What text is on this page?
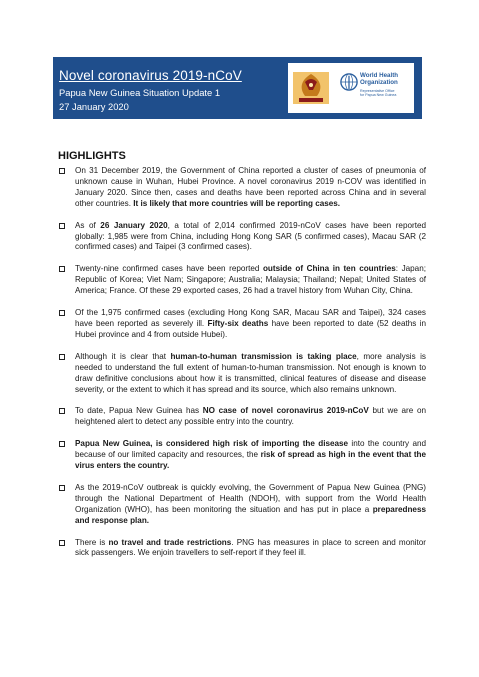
Novel coronavirus 2019-nCoV
Papua New Guinea Situation Update 1
27 January 2020
World Health
Organization
Representative Office
for Papua New Guinea
HIGHLIGHTS
On 31 December 2019, the Government of China reported a cluster of cases of pneumonia of unknown cause in Wuhan, Hubei Province. A novel coronavirus 2019 n-COV was identified in January 2020. Since then, cases and deaths have been reported across China and in several other countries. It is likely that more countries will be reporting cases.
As of 26 January 2020, a total of 2,014 confirmed 2019-nCoV cases have been reported globally: 1,985 were from China, including Hong Kong SAR (5 confirmed cases), Macau SAR (2 confirmed cases) and Taipei (3 confirmed cases).
Twenty-nine confirmed cases have been reported outside of China in ten countries: Japan; Republic of Korea; Viet Nam; Singapore; Australia; Malaysia; Thailand; Nepal; United States of America; France. Of these 29 exported cases, 26 had a travel history from Wuhan City, China.
Of the 1,975 confirmed cases (excluding Hong Kong SAR, Macau SAR and Taipei), 324 cases have been reported as severely ill. Fifty-six deaths have been reported to date (52 deaths in Hubei province and 4 from outside Hubei).
Although it is clear that human-to-human transmission is taking place, more analysis is needed to understand the full extent of human-to-human transmission. Not enough is known to draw definitive conclusions about how it is transmitted, clinical features of disease and disease severity, or the extent to which it has spread and its source, which also remains unknown.
To date, Papua New Guinea has NO case of novel coronavirus 2019-nCoV but we are on heightened alert to detect any possible entry into the country.
Papua New Guinea, is considered high risk of importing the disease into the country and because of our limited capacity and resources, the risk of spread as high in the event that the virus enters the country.
As the 2019-nCoV outbreak is quickly evolving, the Government of Papua New Guinea (PNG) through the National Department of Health (NDOH), with support from the World Health Organization (WHO), has been monitoring the situation and has put in place a preparedness and response plan.
There is no travel and trade restrictions. PNG has measures in place to screen and monitor sick passengers. We enjoin travellers to self-report if they feel ill.
